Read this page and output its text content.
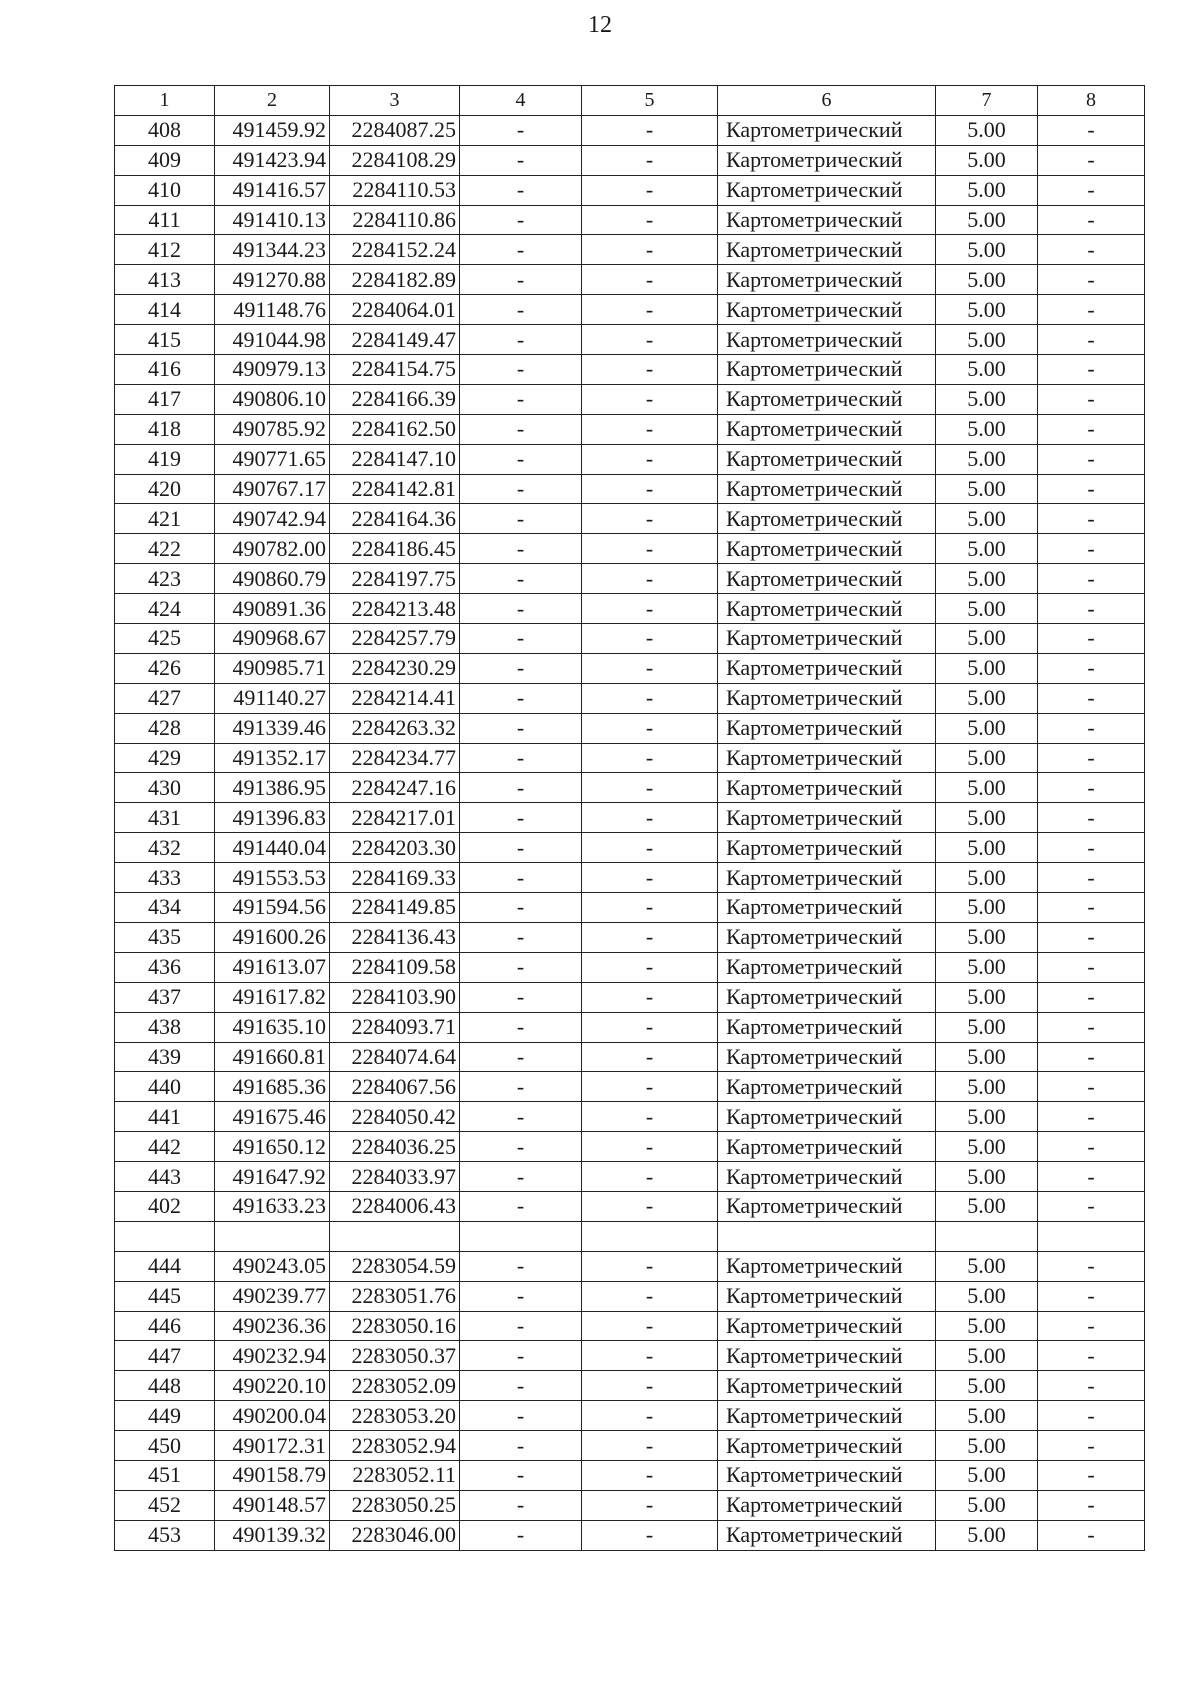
12
1	2	3	4	5	6	7	8
408	491459.92	2284087.25	-	-	Картометрический	5.00	-
409	491423.94	2284108.29	-	-	Картометрический	5.00	-
410	491416.57	2284110.53	-	-	Картометрический	5.00	-
411	491410.13	2284110.86	-	-	Картометрический	5.00	-
412	491344.23	2284152.24	-	-	Картометрический	5.00	-
413	491270.88	2284182.89	-	-	Картометрический	5.00	-
414	491148.76	2284064.01	-	-	Картометрический	5.00	-
415	491044.98	2284149.47	-	-	Картометрический	5.00	-
416	490979.13	2284154.75	-	-	Картометрический	5.00	-
417	490806.10	2284166.39	-	-	Картометрический	5.00	-
418	490785.92	2284162.50	-	-	Картометрический	5.00	-
419	490771.65	2284147.10	-	-	Картометрический	5.00	-
420	490767.17	2284142.81	-	-	Картометрический	5.00	-
421	490742.94	2284164.36	-	-	Картометрический	5.00	-
422	490782.00	2284186.45	-	-	Картометрический	5.00	-
423	490860.79	2284197.75	-	-	Картометрический	5.00	-
424	490891.36	2284213.48	-	-	Картометрический	5.00	-
425	490968.67	2284257.79	-	-	Картометрический	5.00	-
426	490985.71	2284230.29	-	-	Картометрический	5.00	-
427	491140.27	2284214.41	-	-	Картометрический	5.00	-
428	491339.46	2284263.32	-	-	Картометрический	5.00	-
429	491352.17	2284234.77	-	-	Картометрический	5.00	-
430	491386.95	2284247.16	-	-	Картометрический	5.00	-
431	491396.83	2284217.01	-	-	Картометрический	5.00	-
432	491440.04	2284203.30	-	-	Картометрический	5.00	-
433	491553.53	2284169.33	-	-	Картометрический	5.00	-
434	491594.56	2284149.85	-	-	Картометрический	5.00	-
435	491600.26	2284136.43	-	-	Картометрический	5.00	-
436	491613.07	2284109.58	-	-	Картометрический	5.00	-
437	491617.82	2284103.90	-	-	Картометрический	5.00	-
438	491635.10	2284093.71	-	-	Картометрический	5.00	-
439	491660.81	2284074.64	-	-	Картометрический	5.00	-
440	491685.36	2284067.56	-	-	Картометрический	5.00	-
441	491675.46	2284050.42	-	-	Картометрический	5.00	-
442	491650.12	2284036.25	-	-	Картометрический	5.00	-
443	491647.92	2284033.97	-	-	Картометрический	5.00	-
402	491633.23	2284006.43	-	-	Картометрический	5.00	-

444	490243.05	2283054.59	-	-	Картометрический	5.00	-
445	490239.77	2283051.76	-	-	Картометрический	5.00	-
446	490236.36	2283050.16	-	-	Картометрический	5.00	-
447	490232.94	2283050.37	-	-	Картометрический	5.00	-
448	490220.10	2283052.09	-	-	Картометрический	5.00	-
449	490200.04	2283053.20	-	-	Картометрический	5.00	-
450	490172.31	2283052.94	-	-	Картометрический	5.00	-
451	490158.79	2283052.11	-	-	Картометрический	5.00	-
452	490148.57	2283050.25	-	-	Картометрический	5.00	-
453	490139.32	2283046.00	-	-	Картометрический	5.00	-
